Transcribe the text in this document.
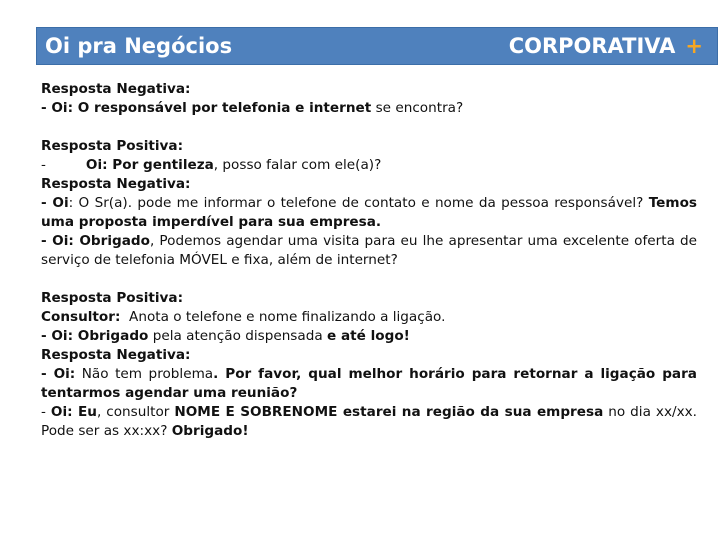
Oi pra Negócios	CORPORATIVA +

Resposta Negativa:

- Oi: O responsável por telefonia e internet se encontra?

Resposta Positiva:

-	Oi: Por gentileza, posso falar com ele(a)?

Resposta Negativa:

- Oi: O Sr(a). pode me informar o telefone de contato e nome da pessoa responsável? Temos uma proposta imperdível para sua empresa.

- Oi: Obrigado, Podemos agendar uma visita para eu lhe apresentar uma excelente oferta de serviço de telefonia MÓVEL e fixa, além de internet?

Resposta Positiva:

Consultor:  Anota o telefone e nome finalizando a ligação.

- Oi: Obrigado pela atenção dispensada e até logo!

Resposta Negativa:

- Oi: Não tem problema. Por favor, qual melhor horário para retornar a ligação para tentarmos agendar uma reunião?

- Oi: Eu, consultor NOME E SOBRENOME estarei na região da sua empresa no dia xx/xx. Pode ser as xx:xx? Obrigado!
